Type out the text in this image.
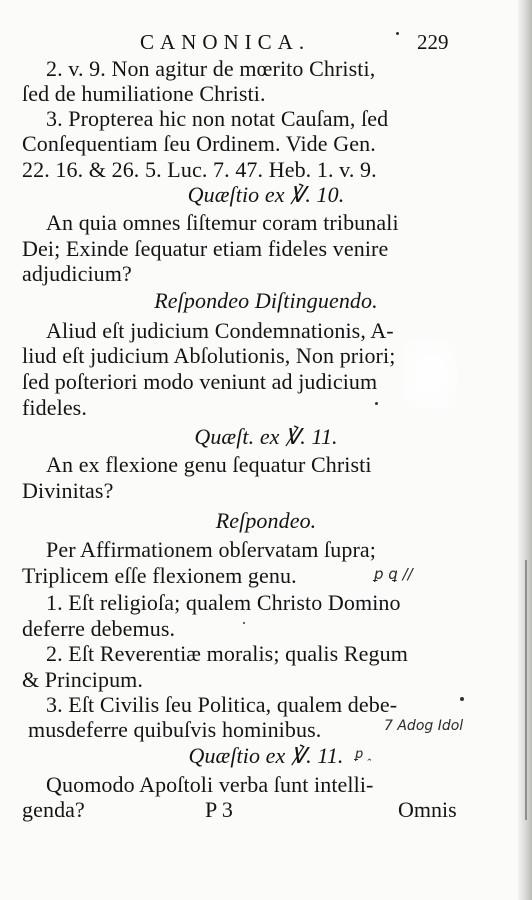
CANONICA.	229
2. v. 9. Non agitur de mœrito Christi,
ſed de humiliatione Christi.
3. Propterea hic non notat Cauſam, ſed
Conſequentiam ſeu Ordinem. Vide Gen.
22. 16. & 26. 5. Luc. 7. 47. Heb. 1. v. 9.
Quæſtio ex ℣. 10.
An quia omnes ſiſtemur coram tribunali
Dei; Exinde ſequatur etiam fideles venire
adjudicium?
Reſpondeo Diſtinguendo.
Aliud eſt judicium Condemnationis, A-
liud eſt judicium Abſolutionis, Non priori;
ſed poſteriori modo veniunt ad judicium
fideles.
Quæſt. ex ℣. 11.
An ex flexione genu ſequatur Christi
Divinitas?
Reſpondeo.
Per Affirmationem obſervatam ſupra;
Triplicem eſſe flexionem genu.
1. Eſt religioſa; qualem Christo Domino
deferre debemus.
2. Eſt Reverentiæ moralis; qualis Regum
& Principum.
3. Eſt Civilis ſeu Politica, qualem debe-
musdeferre quibuſvis hominibus.
Quæſtio ex ℣. 11.
Quomodo Apoſtoli verba ſunt intelli-
genda?	P 3	Omnis
ꝑ ꝗ //
7 Adog Idol
ꝑ ꞈ
